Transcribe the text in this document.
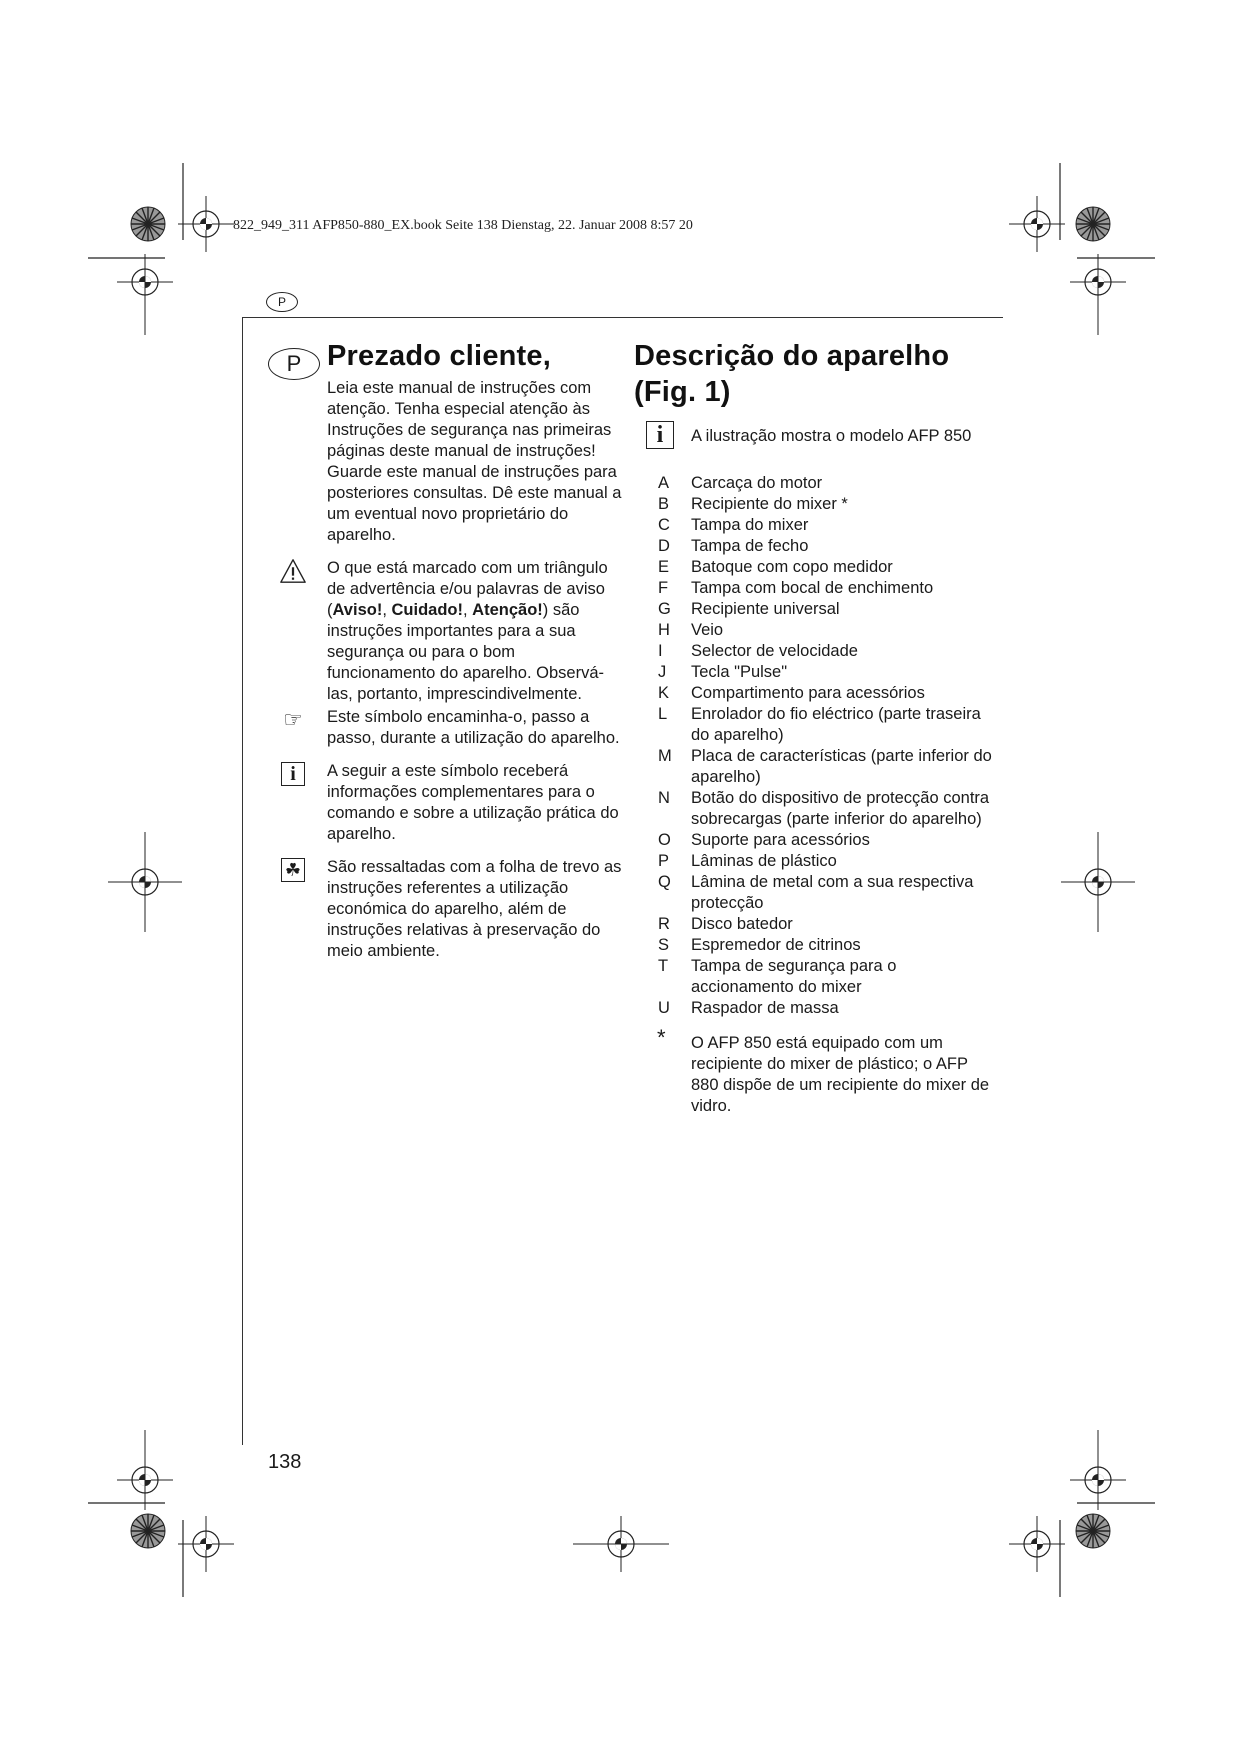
822_949_311 AFP850-880_EX.book Seite 138 Dienstag, 22. Januar 2008 8:57 20
P
P Prezado cliente,

Leia este manual de instruções com atenção. Tenha especial atenção às Instruções de segurança nas primeiras páginas deste manual de instruções! Guarde este manual de instruções para posteriores consultas. Dê este manual a um eventual novo proprietário do aparelho.

O que está marcado com um triângulo de advertência e/ou palavras de aviso (Aviso!, Cuidado!, Atenção!) são instruções importantes para a sua segurança ou para o bom funcionamento do aparelho. Observá-las, portanto, imprescindivelmente.

☞ Este símbolo encaminha-o, passo a passo, durante a utilização do aparelho.

i	A seguir a este símbolo receberá informações complementares para o comando e sobre a utilização prática do aparelho.

☘ São ressaltadas com a folha de trevo as instruções referentes a utilização económica do aparelho, além de instruções relativas à preservação do meio ambiente.

Descrição do aparelho
(Fig. 1)
i	A ilustração mostra o modelo AFP 850

A Carcaça do motor
B Recipiente do mixer *
C Tampa do mixer
D Tampa de fecho
E Batoque com copo medidor
F Tampa com bocal de enchimento
G Recipiente universal
H Veio
I Selector de velocidade
J Tecla "Pulse"
K Compartimento para acessórios
L Enrolador do fio eléctrico (parte traseira do aparelho)
M Placa de características (parte inferior do aparelho)
N Botão do dispositivo de protecção contra sobrecargas (parte inferior do aparelho)
O Suporte para acessórios
P Lâminas de plástico
Q Lâmina de metal com a sua respectiva protecção
R Disco batedor
S Espremedor de citrinos
T Tampa de segurança para o accionamento do mixer
U Raspador de massa
* O AFP 850 está equipado com um recipiente do mixer de plástico; o AFP 880 dispõe de um recipiente do mixer de vidro.
138
